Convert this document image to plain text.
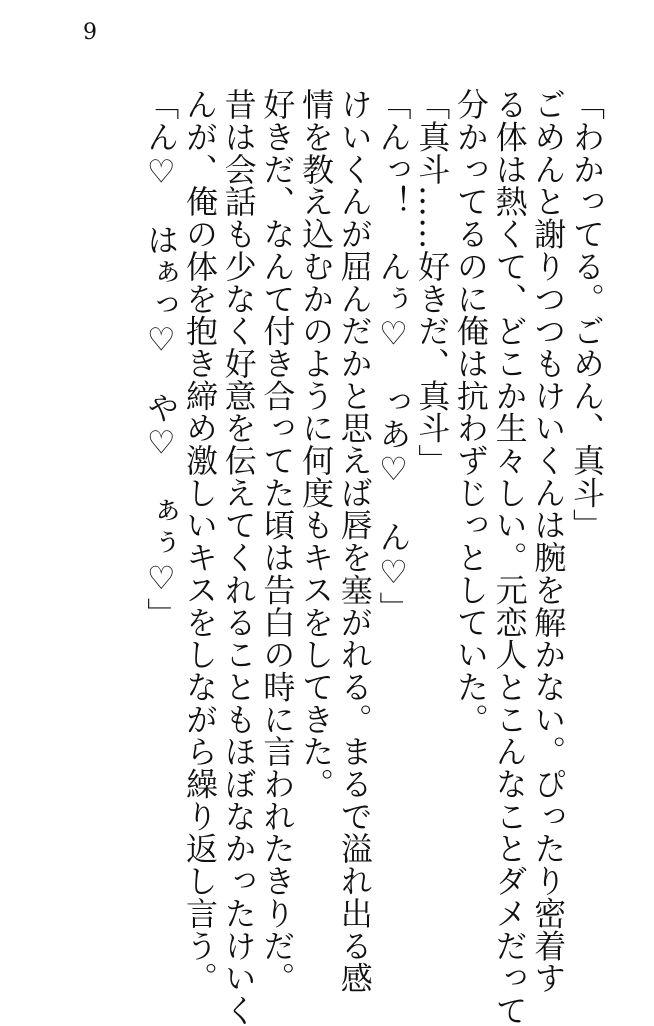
9
「わかってる。ごめん、真斗」
ごめんと謝りつつもけいくんは腕を解かない。ぴったり密着す
る体は熱くて、どこか生々しい。元恋人とこんなことダメだって
分かってるのに俺は抗わずじっとしていた。
「真斗……好きだ、真斗」
「んっ！　んぅ♡　っあ♡　ん♡」
けいくんが屈んだかと思えば唇を塞がれる。まるで溢れ出る感
情を教え込むかのように何度もキスをしてきた。
好きだ、なんて付き合ってた頃は告白の時に言われたきりだ。
昔は会話も少なく好意を伝えてくれることもほぼなかったけいく
んが、俺の体を抱き締め激しいキスをしながら繰り返し言う。
「ん♡　はぁっ♡　や♡　ぁぅ♡」
